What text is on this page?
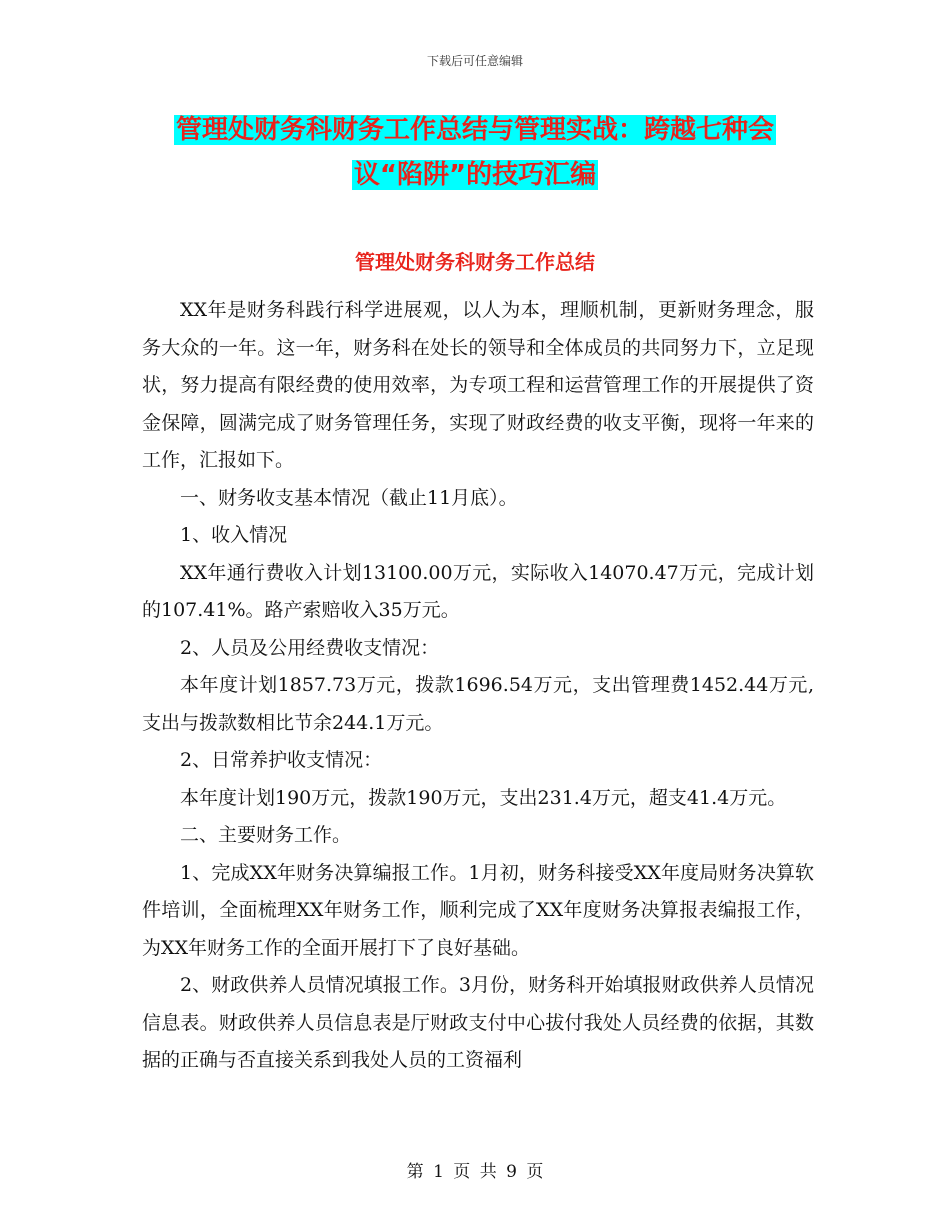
下载后可任意编辑
管理处财务科财务工作总结与管理实战：跨越七种会
议“陷阱”的技巧汇编
管理处财务科财务工作总结

XX年是财务科践行科学进展观，以人为本，理顺机制，更新财务理念，服务大众的一年。这一年，财务科在处长的领导和全体成员的共同努力下，立足现状，努力提高有限经费的使用效率，为专项工程和运营管理工作的开展提供了资金保障，圆满完成了财务管理任务，实现了财政经费的收支平衡，现将一年来的工作，汇报如下。

一、财务收支基本情况（截止11月底）。

1、收入情况

XX年通行费收入计划13100.00万元，实际收入14070.47万元，完成计划的107.41%。路产索赔收入35万元。

2、人员及公用经费收支情况：

本年度计划1857.73万元，拨款1696.54万元，支出管理费1452.44万元,支出与拨款数相比节余244.1万元。

2、日常养护收支情况：

本年度计划190万元，拨款190万元，支出231.4万元，超支41.4万元。

二、主要财务工作。

1、完成XX年财务决算编报工作。1月初，财务科接受XX年度局财务决算软件培训，全面梳理XX年财务工作，顺利完成了XX年度财务决算报表编报工作，为XX年财务工作的全面开展打下了良好基础。

2、财政供养人员情况填报工作。3月份，财务科开始填报财政供养人员情况信息表。财政供养人员信息表是厅财政支付中心拔付我处人员经费的依据，其数据的正确与否直接关系到我处人员的工资福利

第 1 页 共 9 页
